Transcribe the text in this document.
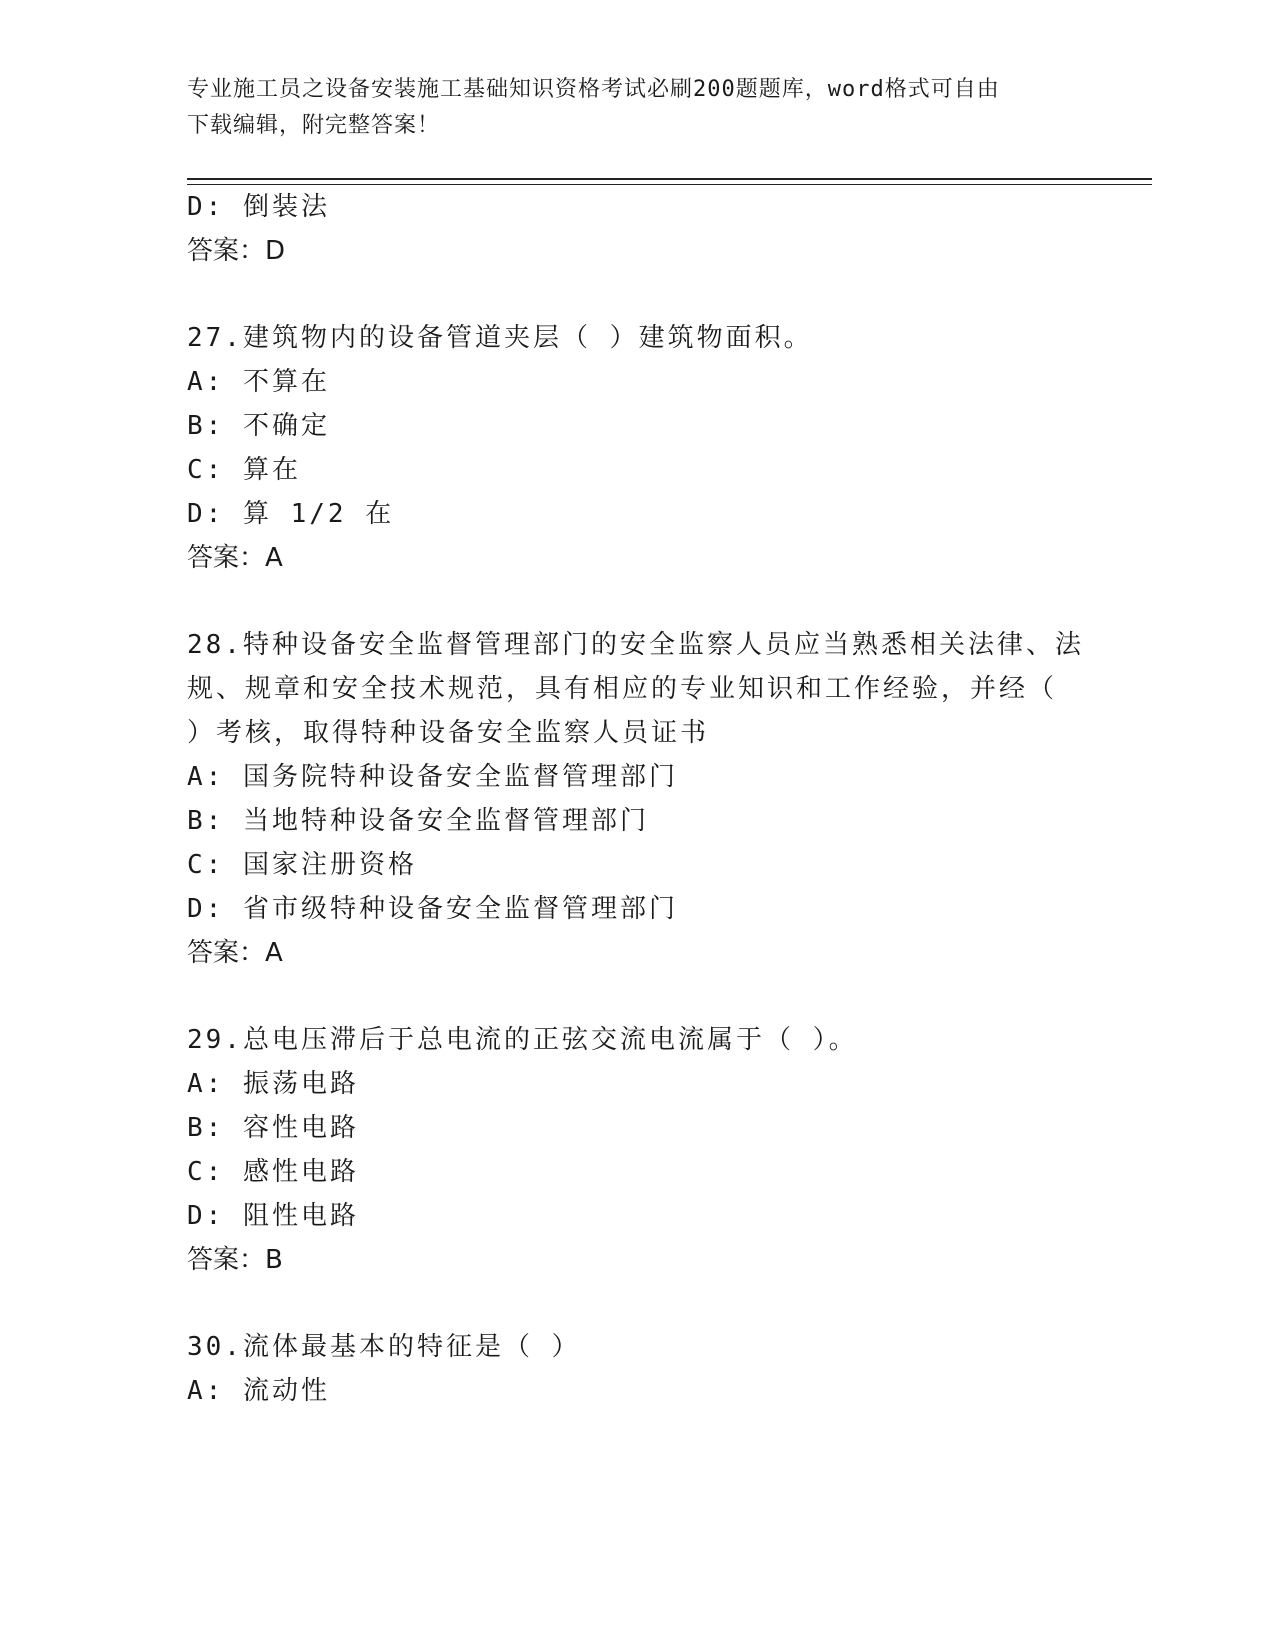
专业施工员之设备安装施工基础知识资格考试必刷200题题库，word格式可自由
下载编辑，附完整答案！
D: 倒装法
答案：D
27.建筑物内的设备管道夹层（ ）建筑物面积。
A: 不算在
B: 不确定
C: 算在
D: 算 1/2 在
答案：A
28.特种设备安全监督管理部门的安全监察人员应当熟悉相关法律、法
规、规章和安全技术规范，具有相应的专业知识和工作经验，并经（
）考核，取得特种设备安全监察人员证书
A: 国务院特种设备安全监督管理部门
B: 当地特种设备安全监督管理部门
C: 国家注册资格
D: 省市级特种设备安全监督管理部门
答案：A
29.总电压滞后于总电流的正弦交流电流属于（ ）。
A: 振荡电路
B: 容性电路
C: 感性电路
D: 阻性电路
答案：B
30.流体最基本的特征是（ ）
A: 流动性
